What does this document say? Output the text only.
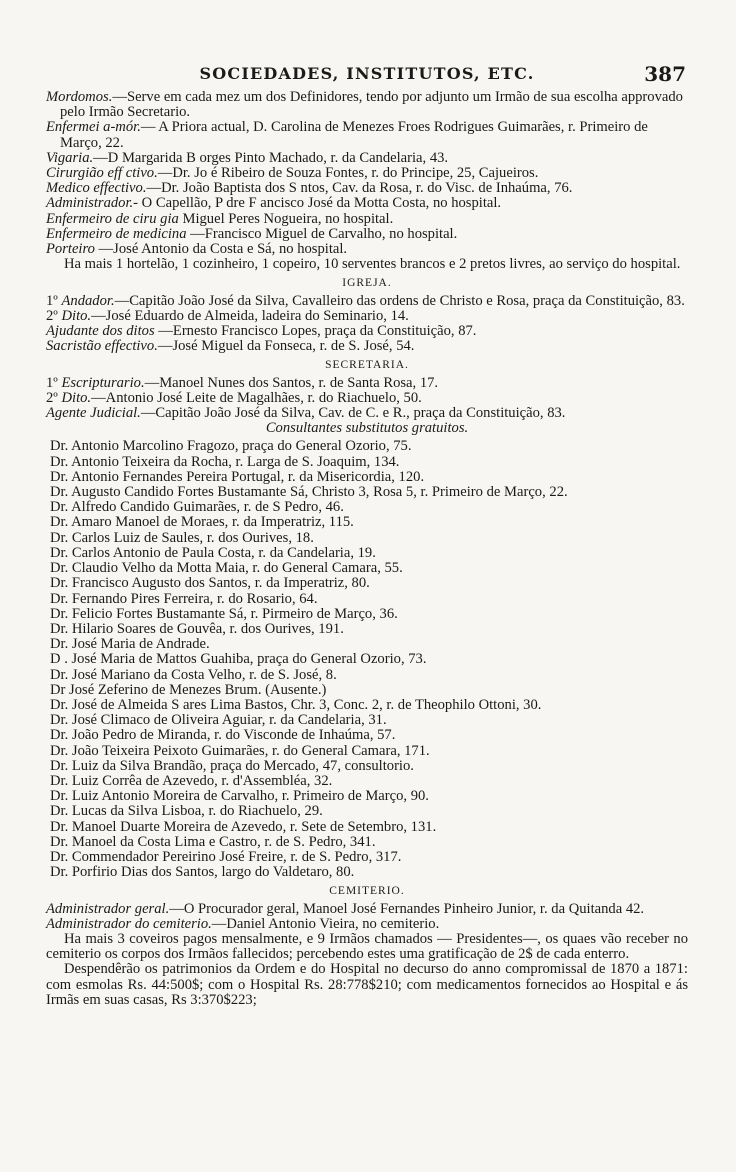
SOCIEDADES, INSTITUTOS, ETC.	387

Mordomos.—Serve em cada mez um dos Definidores, tendo por adjunto um Irmão de sua escolha approvado pelo Irmão Secretario.

Enfermei a-mór.— A Priora actual, D. Carolina de Menezes Froes Rodrigues Guimarães, r. Primeiro de Março, 22.

Vigaria.—D Margarida B orges Pinto Machado, r. da Candelaria, 43.

Cirurgião eff ctivo.—Dr. Jo é Ribeiro de Souza Fontes, r. do Principe, 25, Cajueiros.

Medico effectivo.—Dr. João Baptista dos S ntos, Cav. da Rosa, r. do Visc. de Inhaúma, 76.

Administrador.- O Capellão, P dre F ancisco José da Motta Costa, no hospital.

Enfermeiro de ciru gia Miguel Peres Nogueira, no hospital.

Enfermeiro de medicina —Francisco Miguel de Carvalho, no hospital.

Porteiro —José Antonio da Costa e Sá, no hospital.

Ha mais 1 hortelão, 1 cozinheiro, 1 copeiro, 10 serventes brancos e 2 pretos livres, ao serviço do hospital.

IGREJA.

1º Andador.—Capitão João José da Silva, Cavalleiro das ordens de Christo e Rosa, praça da Constituição, 83.

2º Dito.—José Eduardo de Almeida, ladeira do Seminario, 14.

Ajudante dos ditos —Ernesto Francisco Lopes, praça da Constituição, 87.

Sacristão effectivo.—José Miguel da Fonseca, r. de S. José, 54.

SECRETARIA.

1º Escripturario.—Manoel Nunes dos Santos, r. de Santa Rosa, 17.

2º Dito.—Antonio José Leite de Magalhães, r. do Riachuelo, 50.

Agente Judicial.—Capitão João José da Silva, Cav. de C. e R., praça da Constituição, 83.

Consultantes substitutos gratuitos.

Dr. Antonio Marcolino Fragozo, praça do General Ozorio, 75.

Dr. Antonio Teixeira da Rocha, r. Larga de S. Joaquim, 134.

Dr. Antonio Fernandes Pereira Portugal, r. da Misericordia, 120.

Dr. Augusto Candido Fortes Bustamante Sá, Christo 3, Rosa 5, r. Primeiro de Março, 22.

Dr. Alfredo Candido Guimarães, r. de S Pedro, 46.

Dr. Amaro Manoel de Moraes, r. da Imperatriz, 115.

Dr. Carlos Luiz de Saules, r. dos Ourives, 18.

Dr. Carlos Antonio de Paula Costa, r. da Candelaria, 19.

Dr. Claudio Velho da Motta Maia, r. do General Camara, 55.

Dr. Francisco Augusto dos Santos, r. da Imperatriz, 80.

Dr. Fernando Pires Ferreira, r. do Rosario, 64.

Dr. Felicio Fortes Bustamante Sá, r. Pirmeiro de Março, 36.

Dr. Hilario Soares de Gouvêa, r. dos Ourives, 191.

Dr. José Maria de Andrade.

D . José Maria de Mattos Guahiba, praça do General Ozorio, 73.

Dr. José Mariano da Costa Velho, r. de S. José, 8.

Dr José Zeferino de Menezes Brum. (Ausente.)

Dr. José de Almeida S ares Lima Bastos, Chr. 3, Conc. 2, r. de Theophilo Ottoni, 30.

Dr. José Climaco de Oliveira Aguiar, r. da Candelaria, 31.

Dr. João Pedro de Miranda, r. do Visconde de Inhaúma, 57.

Dr. João Teixeira Peixoto Guimarães, r. do General Camara, 171.

Dr. Luiz da Silva Brandão, praça do Mercado, 47, consultorio.

Dr. Luiz Corrêa de Azevedo, r. d'Assembléa, 32.

Dr. Luiz Antonio Moreira de Carvalho, r. Primeiro de Março, 90.

Dr. Lucas da Silva Lisboa, r. do Riachuelo, 29.

Dr. Manoel Duarte Moreira de Azevedo, r. Sete de Setembro, 131.

Dr. Manoel da Costa Lima e Castro, r. de S. Pedro, 341.

Dr. Commendador Pereirino José Freire, r. de S. Pedro, 317.

Dr. Porfirio Dias dos Santos, largo do Valdetaro, 80.

CEMITERIO.

Administrador geral.—O Procurador geral, Manoel José Fernandes Pinheiro Junior, r. da Quitanda 42.

Administrador do cemiterio.—Daniel Antonio Vieira, no cemiterio.

Ha mais 3 coveiros pagos mensalmente, e 9 Irmãos chamados — Presidentes—, os quaes vão receber no cemiterio os corpos dos Irmãos fallecidos; percebendo estes uma gratificação de 2$ de cada enterro.

Despendêrão os patrimonios da Ordem e do Hospital no decurso do anno compromissal de 1870 a 1871: com esmolas Rs. 44:500$; com o Hospital Rs. 28:778$210; com medicamentos fornecidos ao Hospital e ás Irmãs em suas casas, Rs 3:370$223;
